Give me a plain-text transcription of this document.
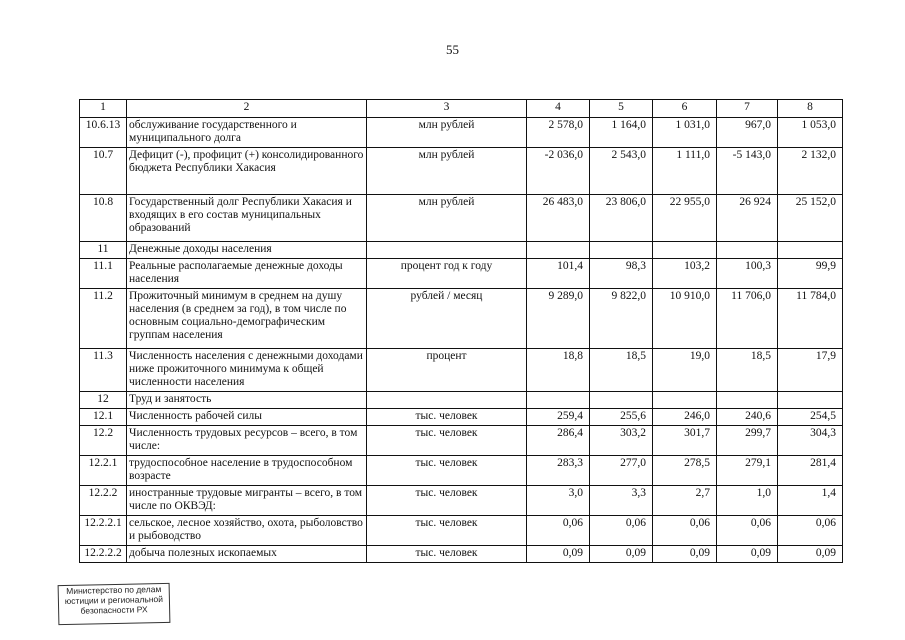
55
1	2	3	4	5	6	7	8
10.6.13	обслуживание государственного и муниципального долга	млн рублей	2 578,0	1 164,0	1 031,0	967,0	1 053,0
10.7	Дефицит (-), профицит (+) консолидированного бюджета Республики Хакасия	млн рублей	-2 036,0	2 543,0	1 111,0	-5 143,0	2 132,0
10.8	Государственный долг Республики Хакасия и входящих в его состав муниципальных образований	млн рублей	26 483,0	23 806,0	22 955,0	26 924	25 152,0
11	Денежные доходы населения						
11.1	Реальные располагаемые денежные доходы населения	процент год к году	101,4	98,3	103,2	100,3	99,9
11.2	Прожиточный минимум в среднем на душу населения (в среднем за год), в том числе по основным социально-демографическим группам населения	рублей / месяц	9 289,0	9 822,0	10 910,0	11 706,0	11 784,0
11.3	Численность населения с денежными доходами ниже прожиточного минимума к общей численности населения	процент	18,8	18,5	19,0	18,5	17,9
12	Труд и занятость						
12.1	Численность рабочей силы	тыс. человек	259,4	255,6	246,0	240,6	254,5
12.2	Численность трудовых ресурсов – всего, в том числе:	тыс. человек	286,4	303,2	301,7	299,7	304,3
12.2.1	трудоспособное население в трудоспособном возрасте	тыс. человек	283,3	277,0	278,5	279,1	281,4
12.2.2	иностранные трудовые мигранты – всего, в том числе по ОКВЭД:	тыс. человек	3,0	3,3	2,7	1,0	1,4
12.2.2.1	сельское, лесное хозяйство, охота, рыболовство и рыбоводство	тыс. человек	0,06	0,06	0,06	0,06	0,06
12.2.2.2	добыча полезных ископаемых	тыс. человек	0,09	0,09	0,09	0,09	0,09
Министерство по делам
юстиции и региональной
безопасности РХ
